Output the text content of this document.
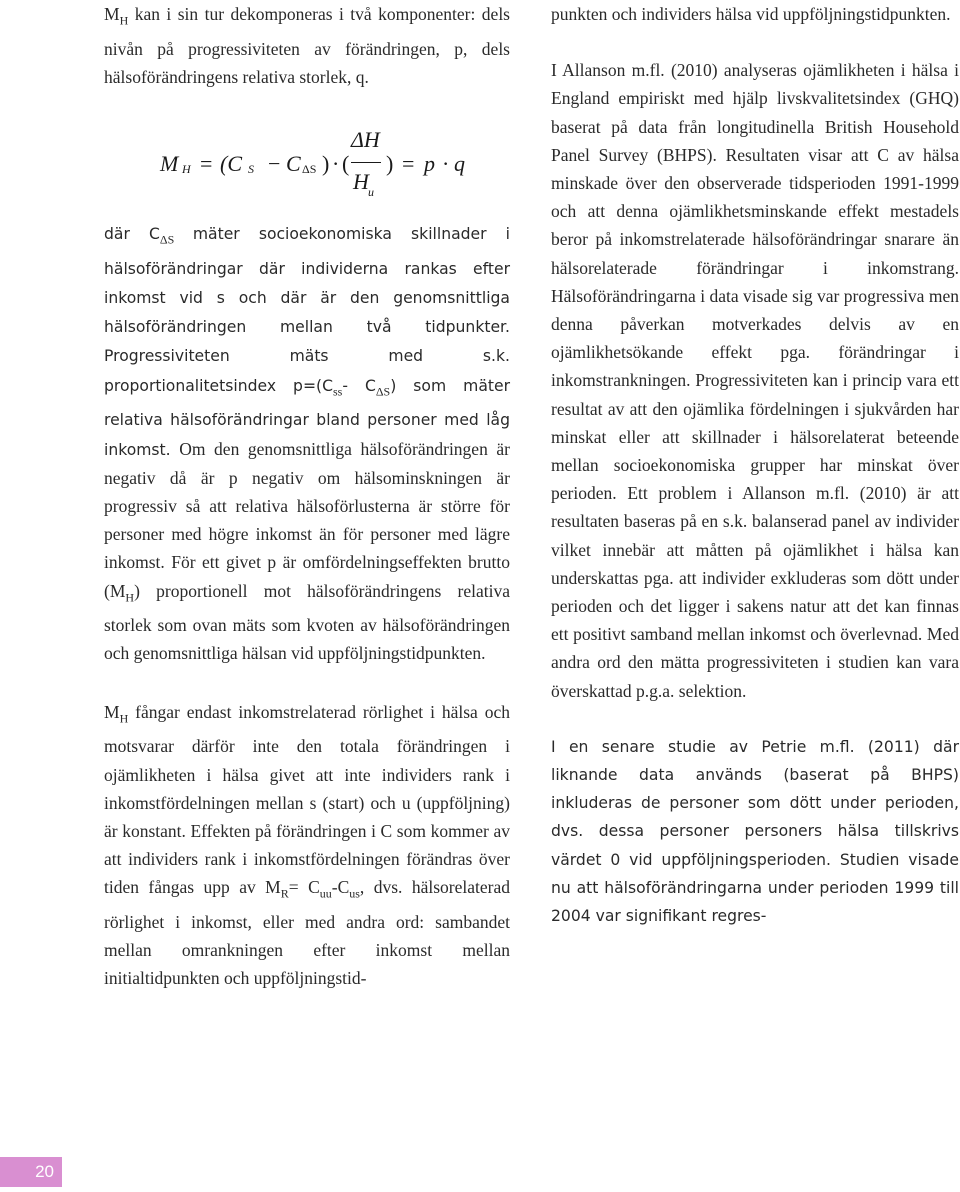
$M_H$ kan i sin tur dekomponeras i två komponenter: dels nivån på progressiviteten av förändringen, p, dels hälsoförändringens relativa storlek, q.

M H = (C S − C ΔS ) · (
ΔH
H u
) = p · q

där $C_{\Delta S}$ mäter socioekonomiska skillnader i hälsoförändringar där individerna rankas efter inkomst vid s och där är den genomsnittliga hälsoförändringen mellan två tidpunkter. Progressiviteten mäts med s.k. proportionalitetsindex $p=(C_{ss}-$ $C_{\Delta S}$) som mäter relativa hälsoförändringar bland personer med låg inkomst. Om den genomsnittliga hälsoförändringen är negativ då är p negativ om hälsominskningen är progressiv så att relativa hälsoförlusterna är större för personer med högre inkomst än för personer med lägre inkomst. För ett givet p är omfördelningseffekten brutto $(M_H)$ proportionell mot hälsoförändringens relativa storlek som ovan mäts som kvoten av hälsoförändringen och genomsnittliga hälsan vid uppföljningstidpunkten.

$M_H$ fångar endast inkomstrelaterad rörlighet i hälsa och motsvarar därför inte den totala förändringen i ojämlikheten i hälsa givet att inte individers rank i inkomstfördelningen mellan s (start) och u (uppföljning) är konstant. Effekten på förändringen i C som kommer av att individers rank i inkomstfördelningen förändras över tiden fångas upp av $M_R= C_{uu}-C_{us}$, dvs. hälsorelaterad rörlighet i inkomst, eller med andra ord: sambandet mellan omrankningen efter inkomst mellan initialtidpunkten och uppföljningstid-

punkten och individers hälsa vid uppföljningstidpunkten.

I Allanson m.fl. (2010) analyseras ojämlikheten i hälsa i England empiriskt med hjälp livskvalitetsindex (GHQ) baserat på data från longitudinella British Household Panel Survey (BHPS). Resultaten visar att C av hälsa minskade över den observerade tidsperioden 1991-1999 och att denna ojämlikhetsminskande effekt mestadels beror på inkomstrelaterade hälsoförändringar snarare än hälsorelaterade förändringar i inkomstrang. Hälsoförändringarna i data visade sig var progressiva men denna påverkan motverkades delvis av en ojämlikhetsökande effekt pga. förändringar i inkomstrankningen. Progressiviteten kan i princip vara ett resultat av att den ojämlika fördelningen i sjukvården har minskat eller att skillnader i hälsorelaterat beteende mellan socioekonomiska grupper har minskat över perioden. Ett problem i Allanson m.fl. (2010) är att resultaten baseras på en s.k. balanserad panel av individer vilket innebär att måtten på ojämlikhet i hälsa kan underskattas pga. att individer exkluderas som dött under perioden och det ligger i sakens natur att det kan finnas ett positivt samband mellan inkomst och överlevnad. Med andra ord den mätta progressiviteten i studien kan vara överskattad p.g.a. selektion.

I en senare studie av Petrie m.fl. (2011) där liknande data används (baserat på BHPS) inkluderas de personer som dött under perioden, dvs. dessa personer personers hälsa tillskrivs värdet 0 vid uppföljningsperioden. Studien visade nu att hälsoförändringarna under perioden 1999 till 2004 var signifikant regres-

20
